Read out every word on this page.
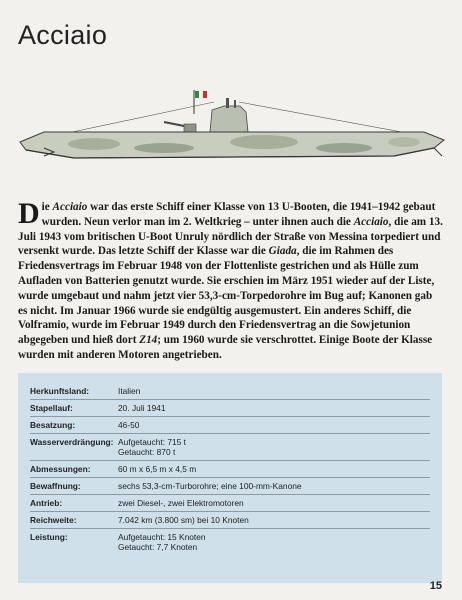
Acciaio
Die Acciaio war das erste Schiff einer Klasse von 13 U-Booten, die 1941–1942 gebaut wurden. Neun verlor man im 2. Weltkrieg – unter ihnen auch die Acciaio, die am 13. Juli 1943 vom britischen U-Boot Unruly nördlich der Straße von Messina torpediert und versenkt wurde. Das letzte Schiff der Klasse war die Giada, die im Rahmen des Friedensvertrags im Februar 1948 von der Flottenliste gestrichen und als Hülle zum Aufladen von Batterien genutzt wurde. Sie erschien im März 1951 wieder auf der Liste, wurde umgebaut und nahm jetzt vier 53,3-cm-Torpedorohre im Bug auf; Kanonen gab es nicht. Im Januar 1966 wurde sie endgültig ausgemustert. Ein anderes Schiff, die Volframio, wurde im Februar 1949 durch den Friedensvertrag an die Sowjetunion abgegeben und hieß dort Z14; um 1960 wurde sie verschrottet. Einige Boote der Klasse wurden mit anderen Motoren angetrieben.
Herkunftsland:	Italien
Stapellauf:	20. Juli 1941
Besatzung:	46-50
Wasserverdrängung:	Aufgetaucht: 715 t
Getaucht: 870 t

Abmessungen:	60 m x 6,5 m x 4,5 m
Bewaffnung:	sechs 53,3-cm-Turborohre; eine 100-mm-Kanone
Antrieb:	zwei Diesel-, zwei Elektromotoren
Reichweite:	7.042 km (3.800 sm) bei 10 Knoten
Leistung:	Aufgetaucht: 15 Knoten
Getaucht: 7,7 Knoten
15
